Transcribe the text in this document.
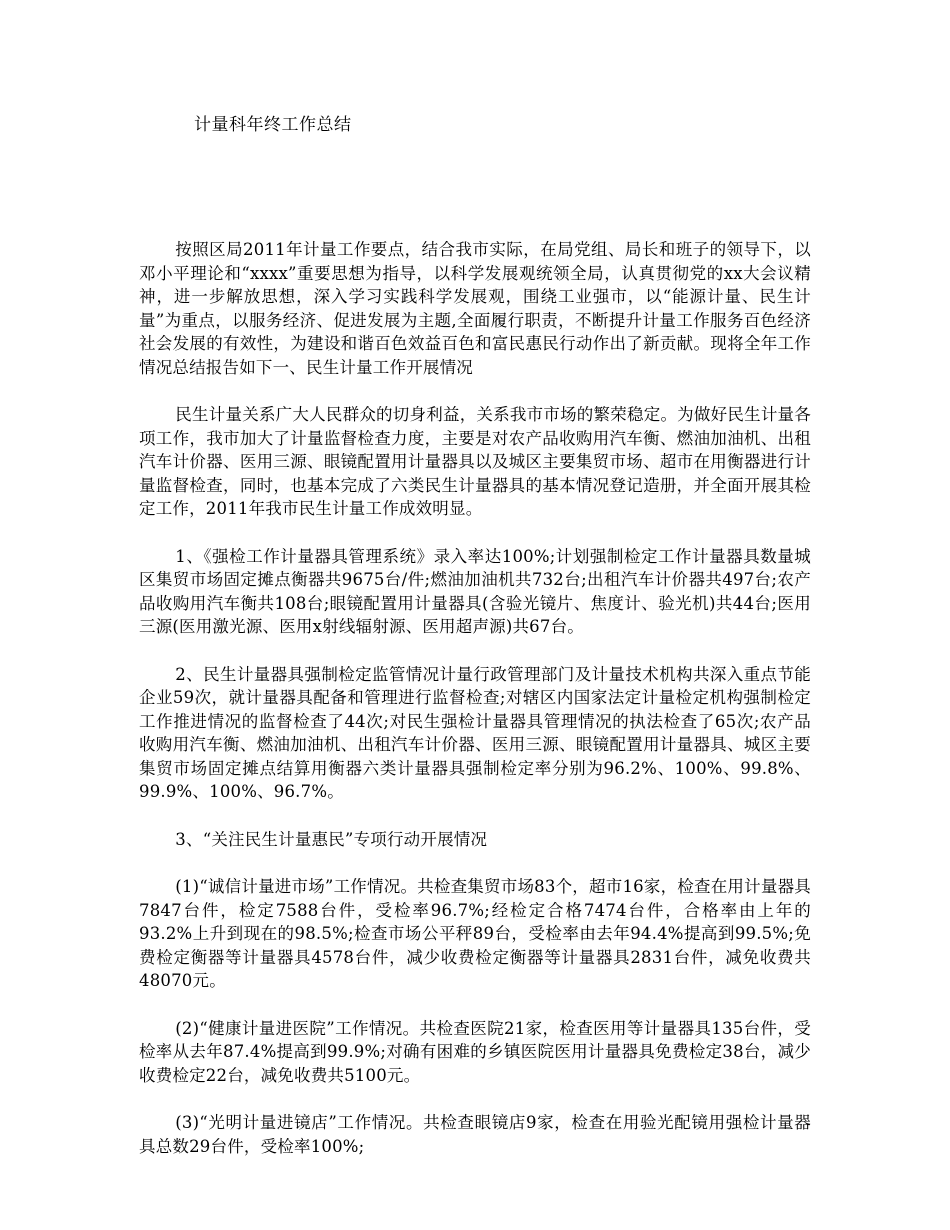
计量科年终工作总结

按照区局2011年计量工作要点，结合我市实际，在局党组、局长和班子的领导下，以邓小平理论和“xxxx”重要思想为指导，以科学发展观统领全局，认真贯彻党的xx大会议精神，进一步解放思想，深入学习实践科学发展观，围绕工业强市，以“能源计量、民生计量”为重点，以服务经济、促进发展为主题,全面履行职责，不断提升计量工作服务百色经济社会发展的有效性，为建设和谐百色效益百色和富民惠民行动作出了新贡献。现将全年工作情况总结报告如下一、民生计量工作开展情况

民生计量关系广大人民群众的切身利益，关系我市市场的繁荣稳定。为做好民生计量各项工作，我市加大了计量监督检查力度，主要是对农产品收购用汽车衡、燃油加油机、出租汽车计价器、医用三源、眼镜配置用计量器具以及城区主要集贸市场、超市在用衡器进行计量监督检查，同时，也基本完成了六类民生计量器具的基本情况登记造册，并全面开展其检定工作，2011年我市民生计量工作成效明显。

1、《强检工作计量器具管理系统》录入率达100%;计划强制检定工作计量器具数量城区集贸市场固定摊点衡器共9675台/件;燃油加油机共732台;出租汽车计价器共497台;农产品收购用汽车衡共108台;眼镜配置用计量器具(含验光镜片、焦度计、验光机)共44台;医用三源(医用激光源、医用x射线辐射源、医用超声源)共67台。

2、民生计量器具强制检定监管情况计量行政管理部门及计量技术机构共深入重点节能企业59次，就计量器具配备和管理进行监督检查;对辖区内国家法定计量检定机构强制检定工作推进情况的监督检查了44次;对民生强检计量器具管理情况的执法检查了65次;农产品收购用汽车衡、燃油加油机、出租汽车计价器、医用三源、眼镜配置用计量器具、城区主要集贸市场固定摊点结算用衡器六类计量器具强制检定率分别为96.2%、100%、99.8%、99.9%、100%、96.7%。

3、“关注民生计量惠民”专项行动开展情况

(1)“诚信计量进市场”工作情况。共检查集贸市场83个，超市16家，检查在用计量器具7847台件，检定7588台件，受检率96.7%;经检定合格7474台件，合格率由上年的93.2%上升到现在的98.5%;检查市场公平秤89台，受检率由去年94.4%提高到99.5%;免费检定衡器等计量器具4578台件，减少收费检定衡器等计量器具2831台件，减免收费共48070元。

(2)“健康计量进医院”工作情况。共检查医院21家，检查医用等计量器具135台件，受检率从去年87.4%提高到99.9%;对确有困难的乡镇医院医用计量器具免费检定38台，减少收费检定22台，减免收费共5100元。

(3)“光明计量进镜店”工作情况。共检查眼镜店9家，检查在用验光配镜用强检计量器具总数29台件，受检率100%;
